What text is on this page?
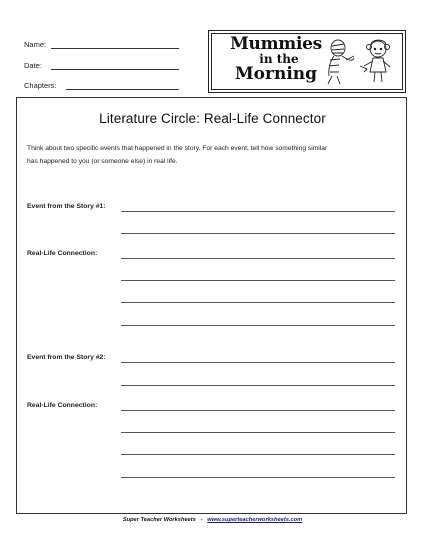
Name:
Date:
Chapters:
Mummies
in the
Morning
Literature Circle: Real-Life Connector
Think about two specific events that happened in the story. For each event, tell how something similar
has happened to you (or someone else) in real life.
Event from the Story #1:
Real-Life Connection:
Event from the Story #2:
Real-Life Connection:
Super Teacher Worksheets - www.superteacherworksheets.com
